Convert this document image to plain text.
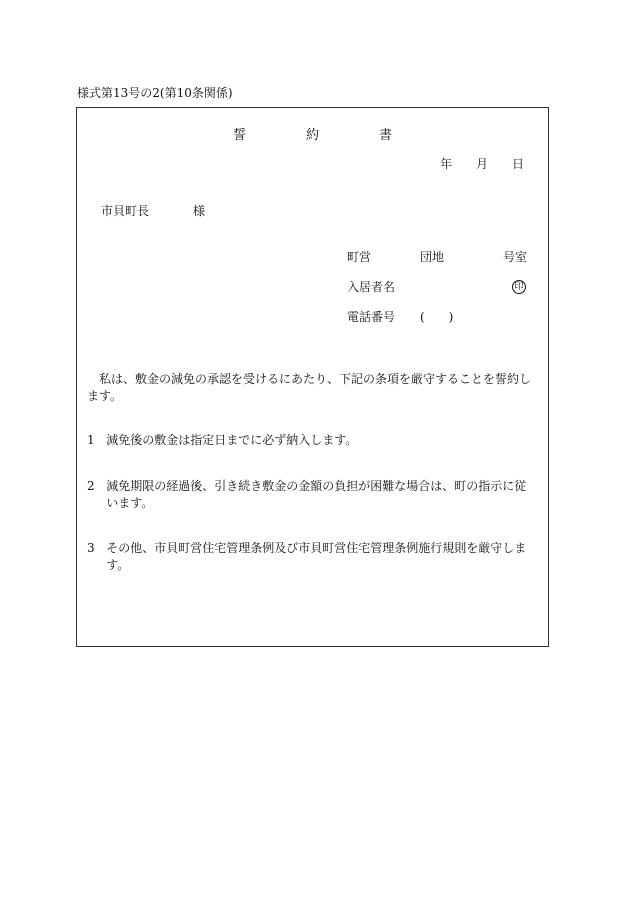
様式第13号の2(第10条関係)
誓	約	書
年 月 日
市貝町長	様
町営	団地	号室
入居者名	印
電話番号 (　　)
私は、敷金の減免の承認を受けるにあたり、下記の条項を厳守することを誓約します。
1 減免後の敷金は指定日までに必ず納入します。
2 減免期限の経過後、引き続き敷金の金額の負担が困難な場合は、町の指示に従います。
3 その他、市貝町営住宅管理条例及び市貝町営住宅管理条例施行規則を厳守します。
